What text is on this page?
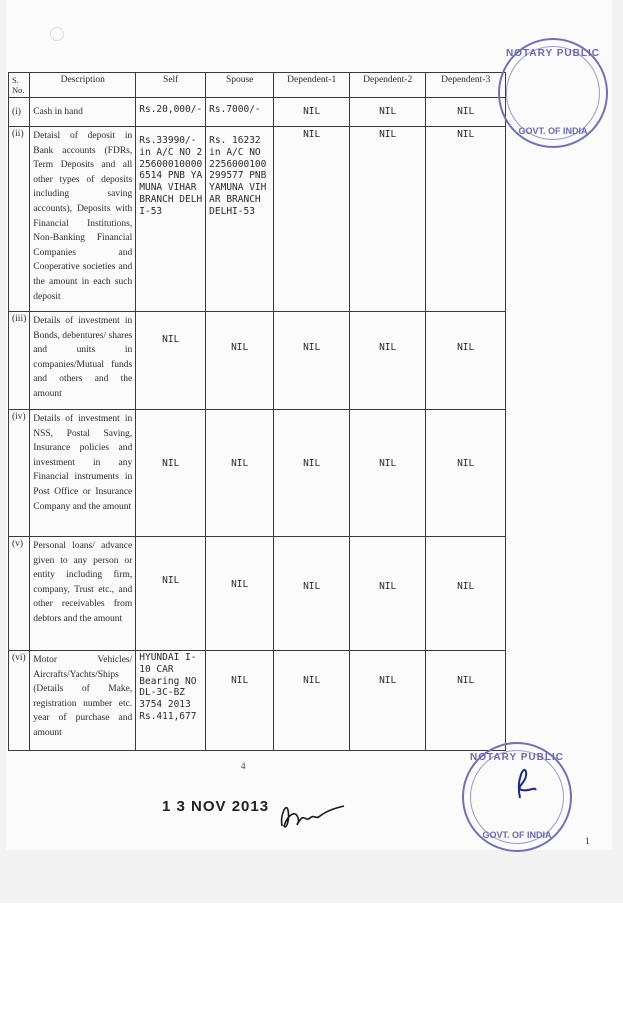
S. No.	Description	Self	Spouse	Dependent-1	Dependent-2	Dependent-3
(i)	Cash in hand	Rs.20,000/-	Rs.7000/-	NIL	NIL	NIL
(ii)	Detaisl of deposit in Bank accounts (FDRs, Term Deposits and all other types of deposits including saving accounts), Deposits with Financial Institutions, Non-Banking Financial Companies and Cooperative societies and the amount in each such deposit	Rs.33990/- in A/C NO 2256000100006514 PNB YAMUNA VIHAR BRANCH DELHI-53	Rs. 16232 in A/C NO 2256000100299577 PNB YAMUNA VIHAR BRANCH DELHI-53	NIL	NIL	NIL
(iii)	Details of investment in Bonds, debentures/ shares and units in companies/Mutual funds and others and the amount	NIL	NIL	NIL	NIL	NIL
(iv)	Details of investment in NSS, Postal Saving, Insurance policies and investment in any Financial instruments in Post Office or Insurance Company and the amount	NIL	NIL	NIL	NIL	NIL
(v)	Personal loans/ advance given to any person or entity including firm, company, Trust etc., and other receivables from debtors and the amount	NIL	NIL	NIL	NIL	NIL
(vi)	Motor Vehicles/ Aircrafts/Yachts/Ships (Details of Make, registration number etc. year of purchase and amount	HYUNDAI I-10 CAR Bearing NO DL-3C-BZ 3754 2013 Rs.411,677	NIL	NIL	NIL	NIL
4
1
1 3 NOV 2013
NOTARY PUBLIC
GOVT. OF INDIA
NOTARY PUBLIC
GOVT. OF INDIA
